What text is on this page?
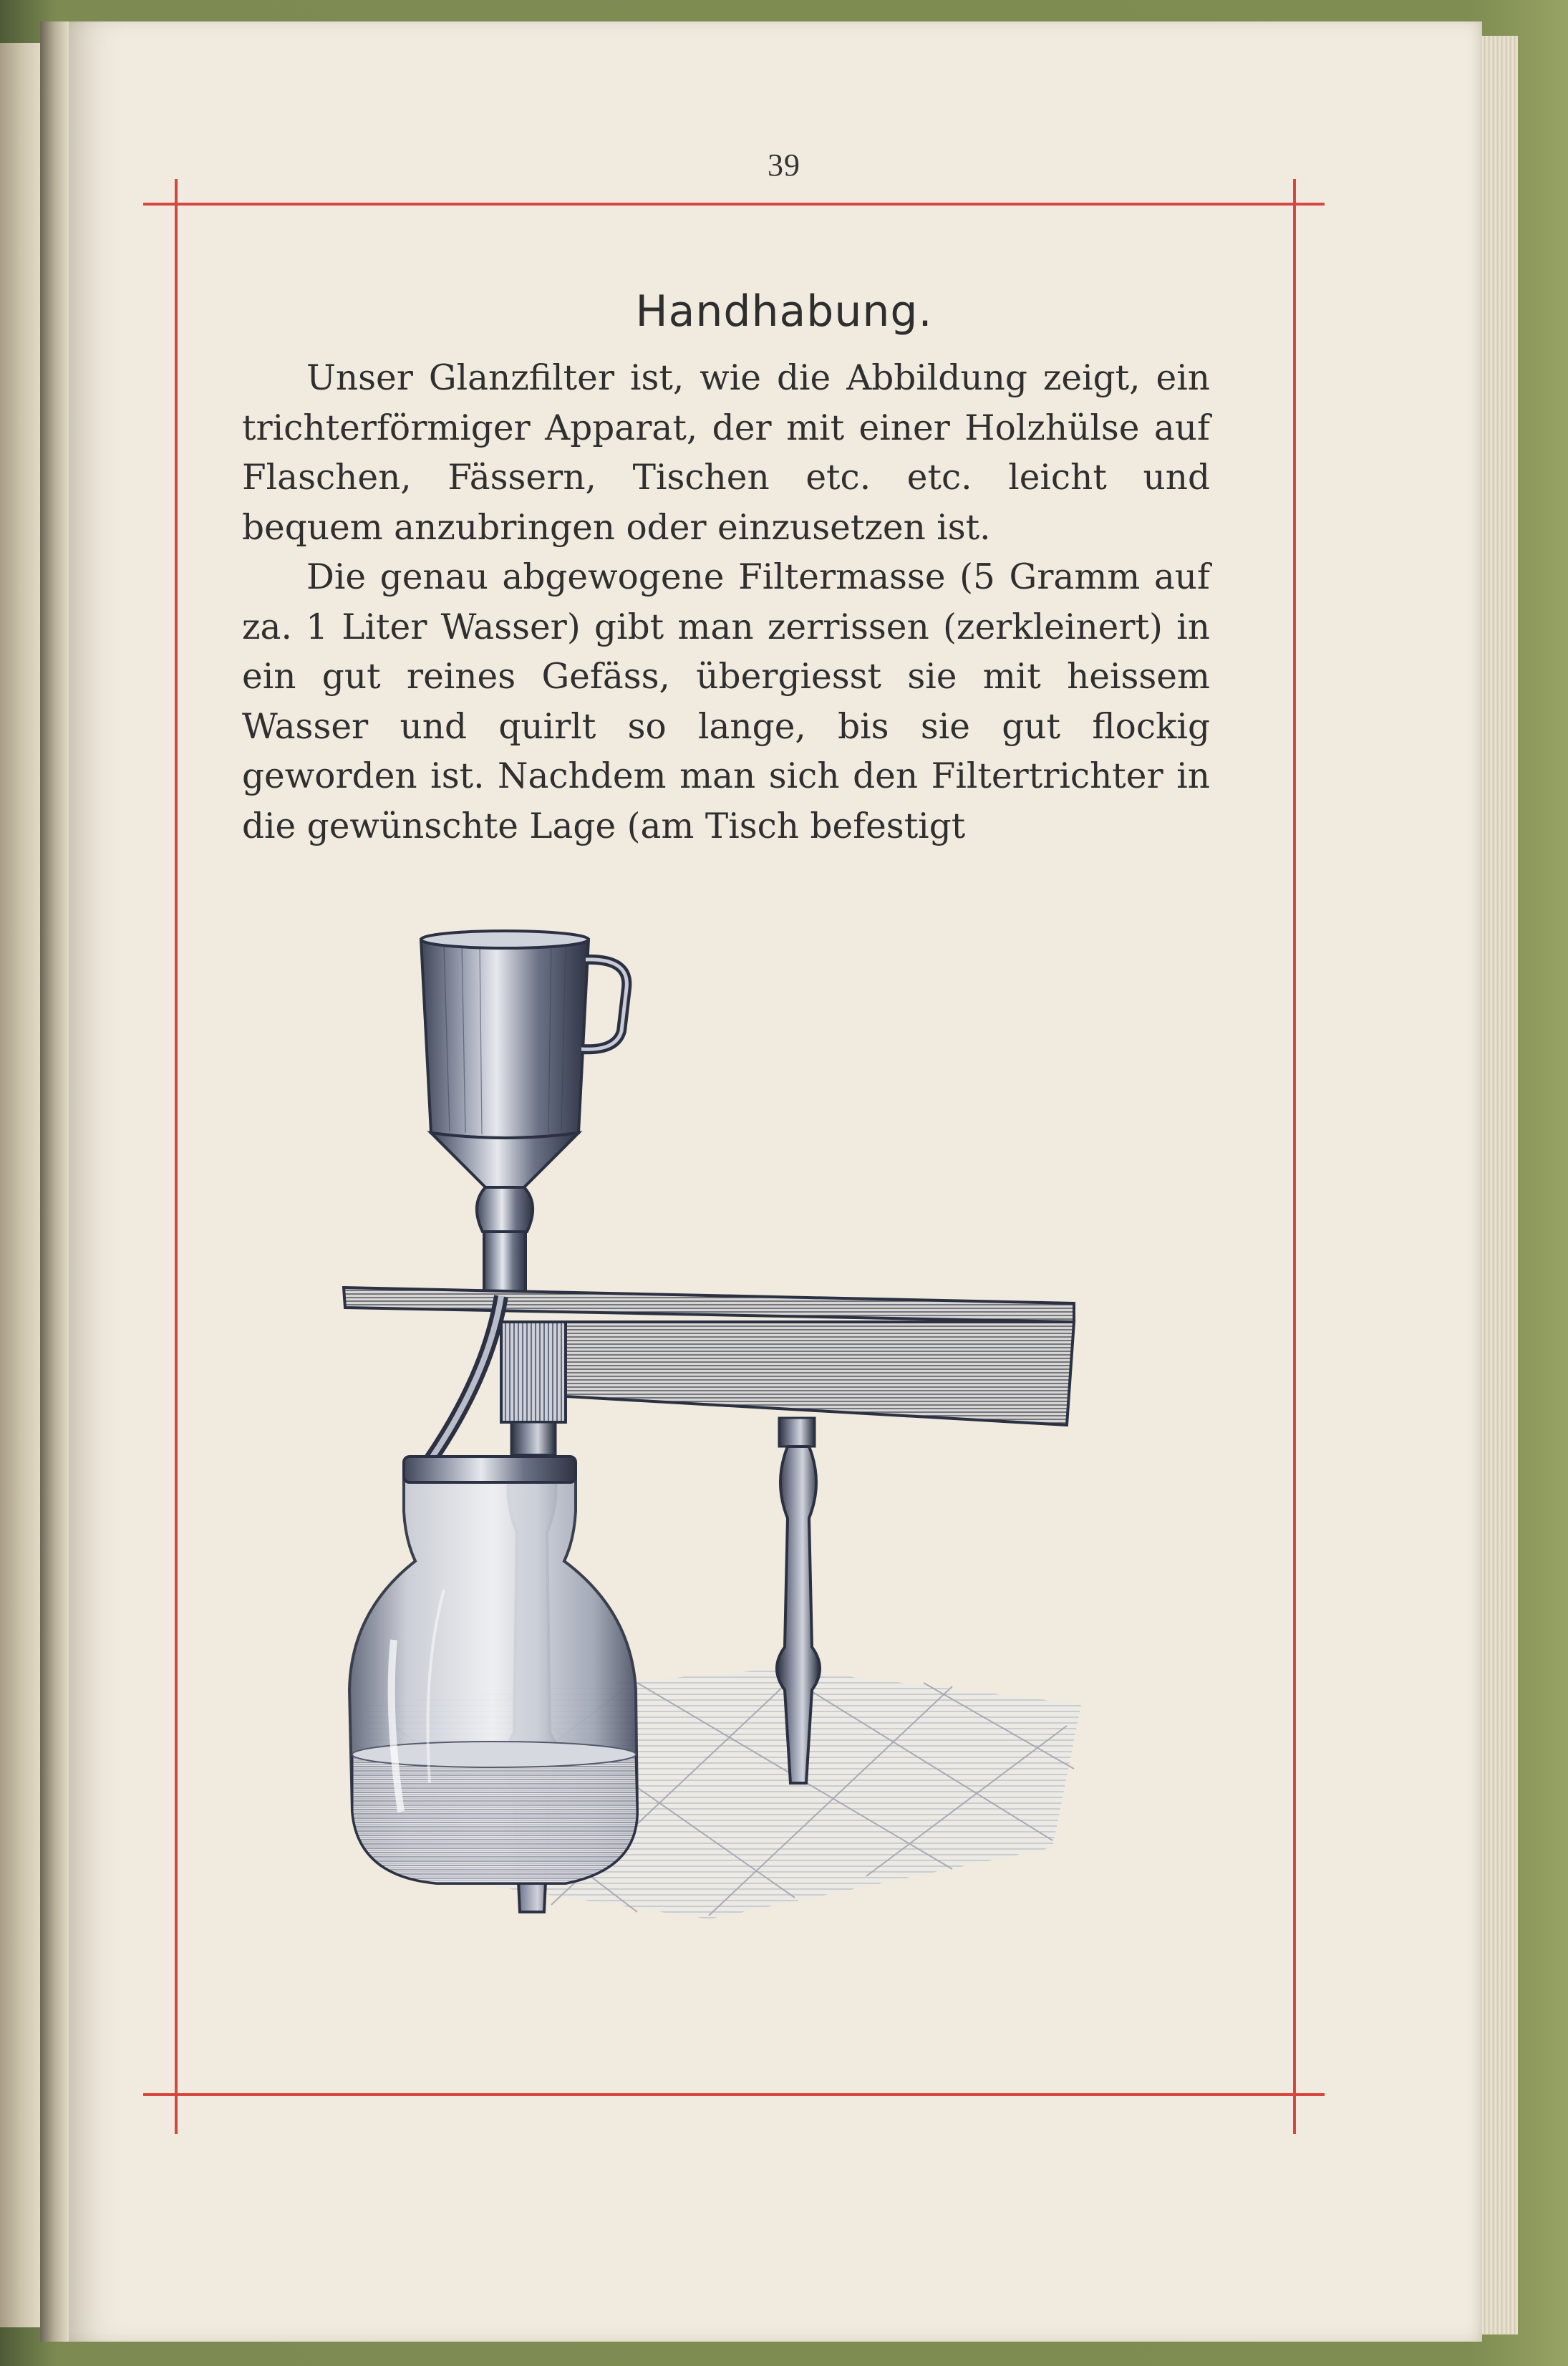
39
Handhabung.

Unser Glanzfilter ist, wie die Abbildung zeigt, ein trichterförmiger Apparat, der mit einer Holzhülse auf Flaschen, Fässern, Tischen etc. etc. leicht und bequem anzubringen oder einzusetzen ist.

Die genau abgewogene Filtermasse (5 Gramm auf za. 1 Liter Wasser) gibt man zerrissen (zerkleinert) in ein gut reines Gefäss, übergiesst sie mit heissem Wasser und quirlt so lange, bis sie gut flockig geworden ist. Nachdem man sich den Filtertrichter in die gewünschte Lage (am Tisch befestigt
